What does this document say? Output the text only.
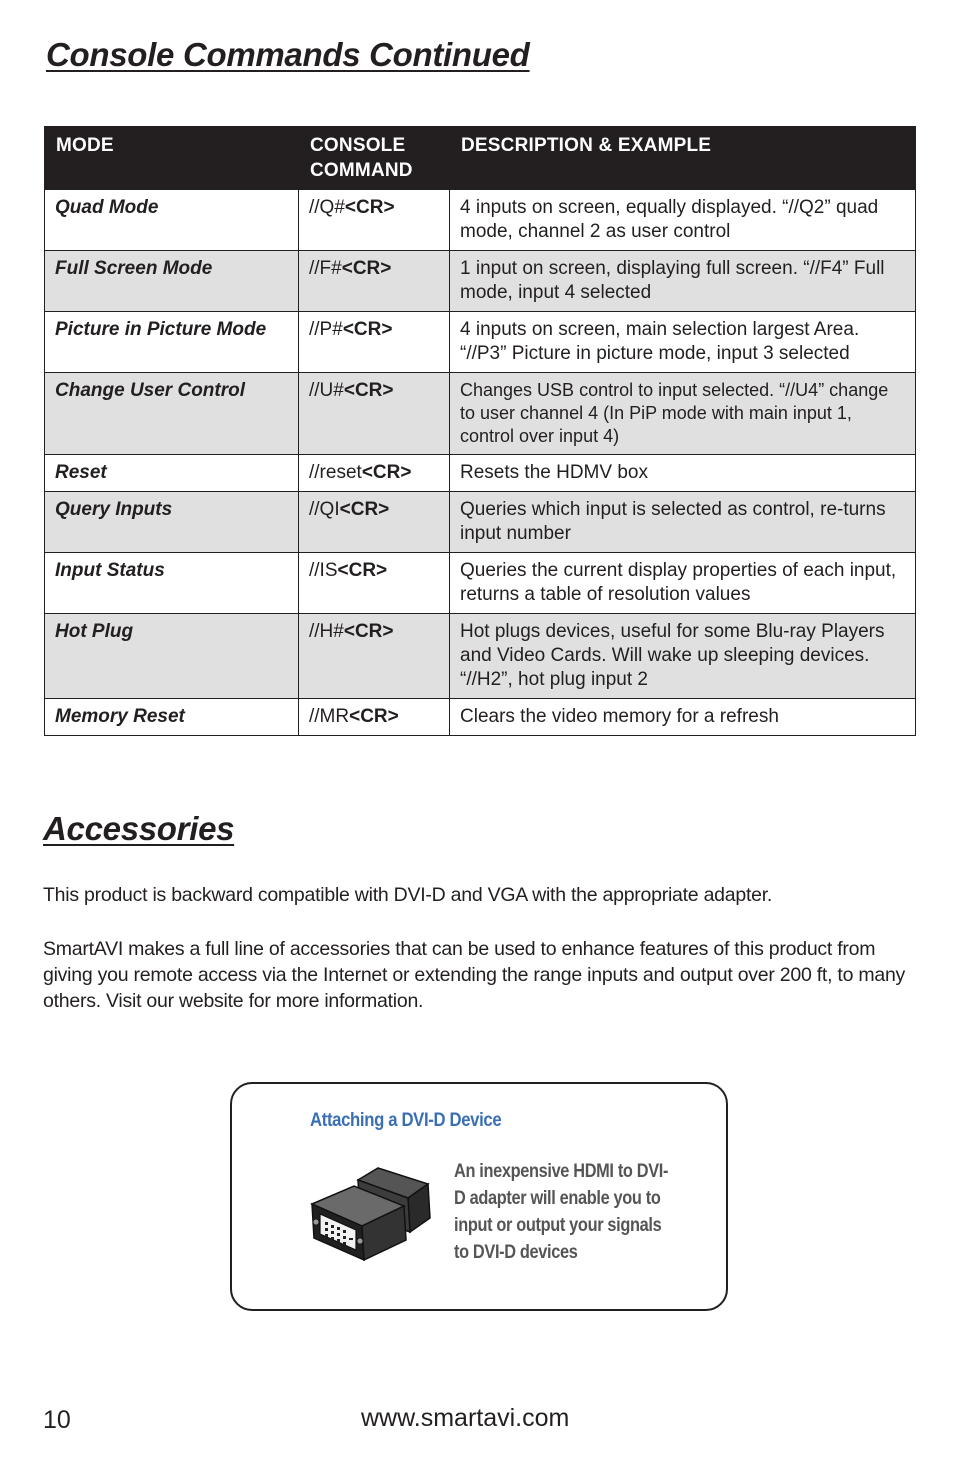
Console Commands Continued
MODE	CONSOLE COMMAND	DESCRIPTION & EXAMPLE
Quad Mode	//Q#<CR>	4 inputs on screen, equally displayed. “//Q2” quad mode, channel 2 as user control
Full Screen Mode	//F#<CR>	1 input on screen, displaying full screen. “//F4” Full mode, input 4 selected
Picture in Picture Mode	//P#<CR>	4 inputs on screen, main selection largest Area. “//P3” Picture in picture mode, input 3 selected
Change User Control	//U#<CR>	Changes USB control to input selected. “//U4” change to user channel 4 (In PiP mode with main input 1, control over input 4)
Reset	//reset<CR>	Resets the HDMV box
Query Inputs	//QI<CR>	Queries which input is selected as control, re-turns input number
Input Status	//IS<CR>	Queries the current display properties of each input, returns a table of resolution values
Hot Plug	//H#<CR>	Hot plugs devices, useful for some Blu-ray Players and Video Cards. Will wake up sleeping devices. “//H2”, hot plug input 2
Memory Reset	//MR<CR>	Clears the video memory for a refresh
Accessories

This product is backward compatible with DVI-D and VGA with the appropriate adapter.

SmartAVI makes a full line of accessories that can be used to enhance features of this product from giving you remote access via the Internet or extending the range inputs and output over 200 ft, to many others. Visit our website for more information.

Attaching a DVI-D Device
An inexpensive HDMI to DVI-D adapter will enable you to input or output your signals to DVI-D devices
10	www.smartavi.com
